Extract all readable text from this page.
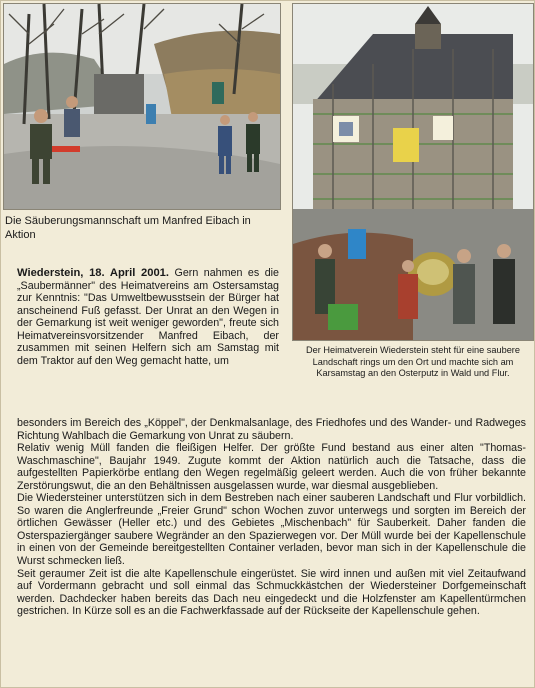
Die Säuberungsmannschaft um Manfred Eibach in Aktion
Der Heimatverein Wiederstein steht für eine saubere Landschaft rings um den Ort und machte sich am Karsamstag an den Osterputz in Wald und Flur.

Wiederstein, 18. April 2001. Gern nahmen es die „Saubermänner" des Heimatvereins am Ostersamstag zur Kenntnis: "Das Umweltbewusstsein der Bürger hat anscheinend Fuß gefasst. Der Unrat an den Wegen in der Gemarkung ist weit weniger geworden", freute sich Heimatvereinsvorsitzender Manfred Eibach, der zusammen mit seinen Helfern sich am Samstag mit dem Traktor auf den Weg gemacht hatte, um

besonders im Bereich des „Köppel", der Denkmalsanlage, des Friedhofes und des Wander- und Radweges Richtung Wahlbach die Gemarkung von Unrat zu säubern.

Relativ wenig Müll fanden die fleißigen Helfer. Der größte Fund bestand aus einer alten "Thomas-Waschmaschine", Baujahr 1949. Zugute kommt der Aktion natürlich auch die Tatsache, dass die aufgestellten Papierkörbe entlang den Wegen regelmäßig geleert werden. Auch die von früher bekannte Zerstörungswut, die an den Behältnissen ausgelassen wurde, war diesmal ausgeblieben.

Die Wiedersteiner unterstützen sich in dem Bestreben nach einer sauberen Landschaft und Flur vorbildlich. So waren die Anglerfreunde „Freier Grund" schon Wochen zuvor unterwegs und sorgten im Bereich der örtlichen Gewässer (Heller etc.) und des Gebietes „Mischenbach" für Sauberkeit. Daher fanden die Osterspaziergänger saubere Wegränder an den Spazierwegen vor. Der Müll wurde bei der Kapellenschule in einen von der Gemeinde bereitgestellten Container verladen, bevor man sich in der Kapellenschule die Wurst schmecken ließ.

Seit geraumer Zeit ist die alte Kapellenschule eingerüstet. Sie wird innen und außen mit viel Zeitaufwand auf Vordermann gebracht und soll einmal das Schmuckkästchen der Wiedersteiner Dorfgemeinschaft werden. Dachdecker haben bereits das Dach neu eingedeckt und die Holzfenster am Kapellentürmchen gestrichen. In Kürze soll es an die Fachwerkfassade auf der Rückseite der Kapellenschule gehen.
